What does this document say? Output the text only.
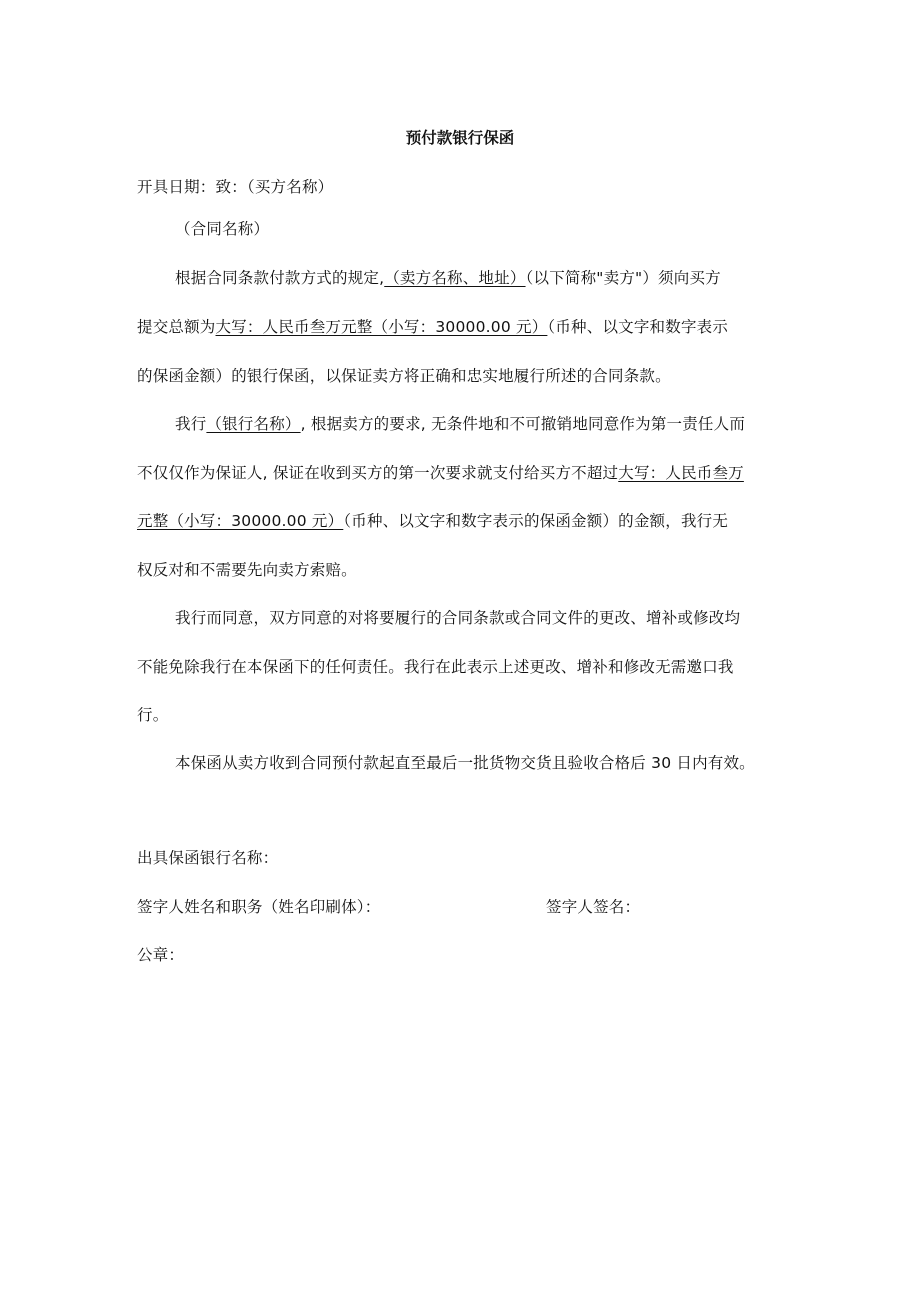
预付款银行保函
开具日期：致：（买方名称）
（合同名称）
根据合同条款付款方式的规定,（卖方名称、地址）（以下简称"卖方"）须向买方
提交总额为大写：人民币叁万元整（小写：30000.00 元）（币种、以文字和数字表示
的保函金额）的银行保函，以保证卖方将正确和忠实地履行所述的合同条款。
我行（银行名称）, 根据卖方的要求, 无条件地和不可撤销地同意作为第一责任人而
不仅仅作为保证人, 保证在收到买方的第一次要求就支付给买方不超过大写：人民币叁万
元整（小写：30000.00 元）（币种、以文字和数字表示的保函金额）的金额，我行无
权反对和不需要先向卖方索赔。
我行而同意，双方同意的对将要履行的合同条款或合同文件的更改、增补或修改均
不能免除我行在本保函下的任何责任。我行在此表示上述更改、增补和修改无需邀口我
行。
本保函从卖方收到合同预付款起直至最后一批货物交货且验收合格后 30 日内有效。
出具保函银行名称：
签字人姓名和职务（姓名印刷体）：	签字人签名：
公章：
